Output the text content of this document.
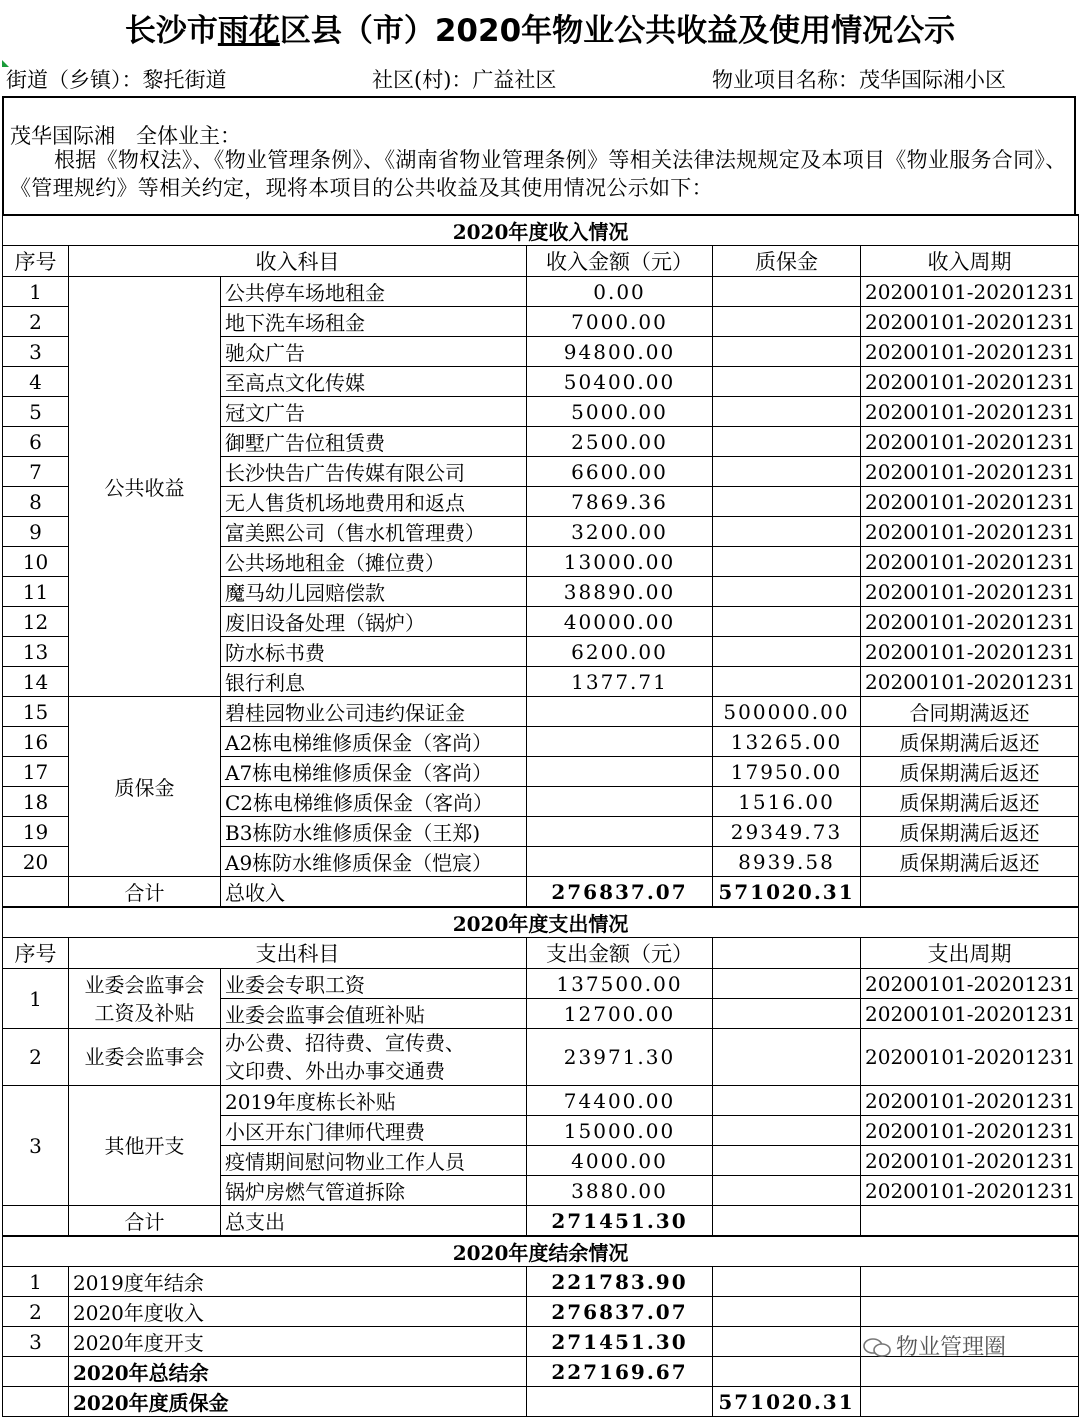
长沙市雨花区县（市）2020年物业公共收益及使用情况公示
街道（乡镇）：黎托街道	社区(村)：广益社区	物业项目名称：茂华国际湘小区
茂华国际湘　全体业主：
根据《物权法》、《物业管理条例》、《湖南省物业管理条例》等相关法律法规规定及本项目《物业服务合同》、《管理规约》等相关约定，现将本项目的公共收益及其使用情况公示如下：
2020年度收入情况					
序号	收入科目		收入金额（元）	质保金	收入周期
1	公共收益	公共停车场地租金	0.00		20200101-20201231
2		地下洗车场租金	7000.00		20200101-20201231
3		驰众广告	94800.00		20200101-20201231
4		至高点文化传媒	50400.00		20200101-20201231
5		冠文广告	5000.00		20200101-20201231
6		御墅广告位租赁费	2500.00		20200101-20201231
7		长沙快告广告传媒有限公司	6600.00		20200101-20201231
8		无人售货机场地费用和返点	7869.36		20200101-20201231
9		富美熙公司（售水机管理费）	3200.00		20200101-20201231
10		公共场地租金（摊位费）	13000.00		20200101-20201231
11		魔马幼儿园赔偿款	38890.00		20200101-20201231
12		废旧设备处理（锅炉）	40000.00		20200101-20201231
13		防水标书费	6200.00		20200101-20201231
14		银行利息	1377.71		20200101-20201231
15	质保金	碧桂园物业公司违约保证金		500000.00	合同期满返还
16		A2栋电梯维修质保金（客尚）		13265.00	质保期满后返还
17		A7栋电梯维修质保金（客尚）		17950.00	质保期满后返还
18		C2栋电梯维修质保金（客尚）		1516.00	质保期满后返还
19		B3栋防水维修质保金（王郑)		29349.73	质保期满后返还
20		A9栋防水维修质保金（恺宸）		8939.58	质保期满后返还
	合计	总收入	276837.07	571020.31	
2020年度支出情况					
序号	支出科目		支出金额（元）		支出周期
1	业委会监事会
工资及补贴	业委会专职工资	137500.00		20200101-20201231
		业委会监事会值班补贴	12700.00		20200101-20201231
2	业委会监事会	办公费、招待费、宣传费、
文印费、外出办事交通费	23971.30		20200101-20201231
3	其他开支	2019年度栋长补贴	74400.00		20200101-20201231
		小区开东门律师代理费	15000.00		20200101-20201231
		疫情期间慰问物业工作人员	4000.00		20200101-20201231
		锅炉房燃气管道拆除	3880.00		20200101-20201231
	合计	总支出	271451.30		
2020年度结余情况					
1	2019度年结余		221783.90		
2	2020年度收入		276837.07		
3	2020年度开支		271451.30		
	2020年总结余		227169.67		
	2020年度质保金			571020.31	
物业管理圈
